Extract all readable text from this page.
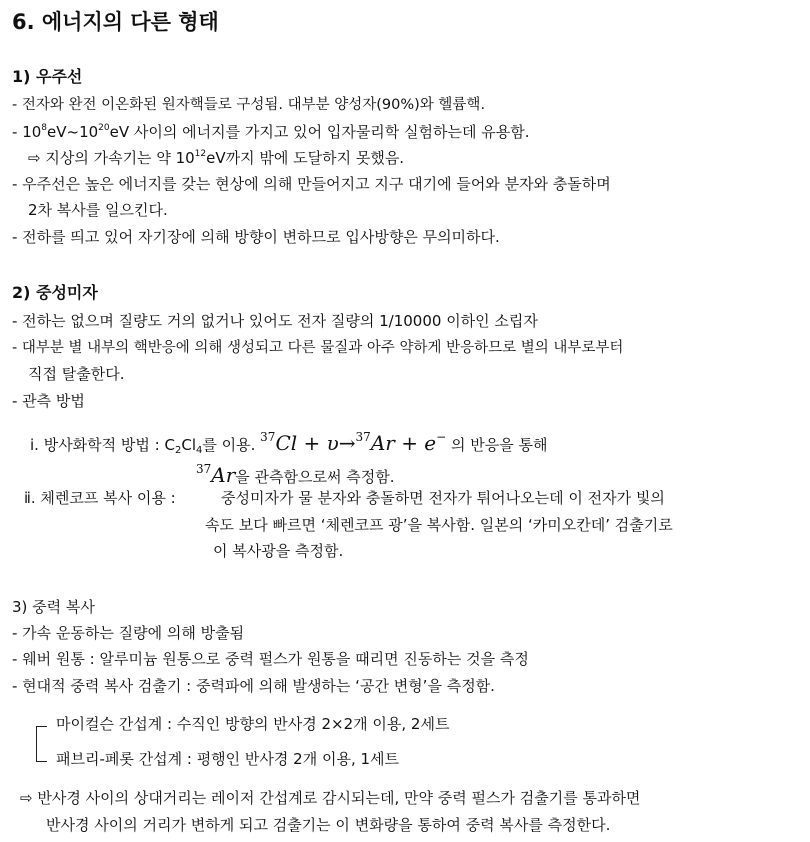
6. 에너지의 다른 형태
1) 우주선
- 전자와 완전 이온화된 원자핵들로 구성됨. 대부분 양성자(90%)와 헬륨핵.
- $10^8eV\sim 10^{20}eV$ 사이의 에너지를 가지고 있어 입자물리학 실험하는데 유용함.
⇨ 지상의 가속기는 약 $10^{12}eV$까지 밖에 도달하지 못했음.
- 우주선은 높은 에너지를 갖는 현상에 의해 만들어지고 지구 대기에 들어와 분자와 충돌하며
2차 복사를 일으킨다.
- 전하를 띄고 있어 자기장에 의해 방향이 변하므로 입사방향은 무의미하다.
2) 중성미자
- 전하는 없으며 질량도 거의 없거나 있어도 전자 질량의 1/10000 이하인 소립자
- 대부분 별 내부의 핵반응에 의해 생성되고 다른 물질과 아주 약하게 반응하므로 별의 내부로부터
직접 탈출한다.
- 관측 방법
ⅰ. 방사화학적 방법 : $C_2Cl_4$를 이용. $^{37}$Cl + υ→$^{37}$Ar + e− 의 반응을 통해
$^{37}$Ar을 관측함으로써 측정함.
ⅱ. 체렌코프 복사 이용 :	중성미자가 물 분자와 충돌하면 전자가 튀어나오는데 이 전자가 빛의
속도 보다 빠르면 ‘체렌코프 광’을 복사함. 일본의 ‘카미오칸데’ 검출기로
이 복사광을 측정함.
3) 중력 복사
- 가속 운동하는 질량에 의해 방출됨
- 웨버 원통 : 알루미늄 원통으로 중력 펄스가 원통을 때리면 진동하는 것을 측정
- 현대적 중력 복사 검출기 : 중력파에 의해 발생하는 ‘공간 변형’을 측정함.
마이컬슨 간섭계 : 수직인 방향의 반사경 2×2개 이용, 2세트
패브리-페롯 간섭계 : 평행인 반사경 2개 이용, 1세트
⇨ 반사경 사이의 상대거리는 레이저 간섭계로 감시되는데, 만약 중력 펄스가 검출기를 통과하면
반사경 사이의 거리가 변하게 되고 검출기는 이 변화량을 통하여 중력 복사를 측정한다.
